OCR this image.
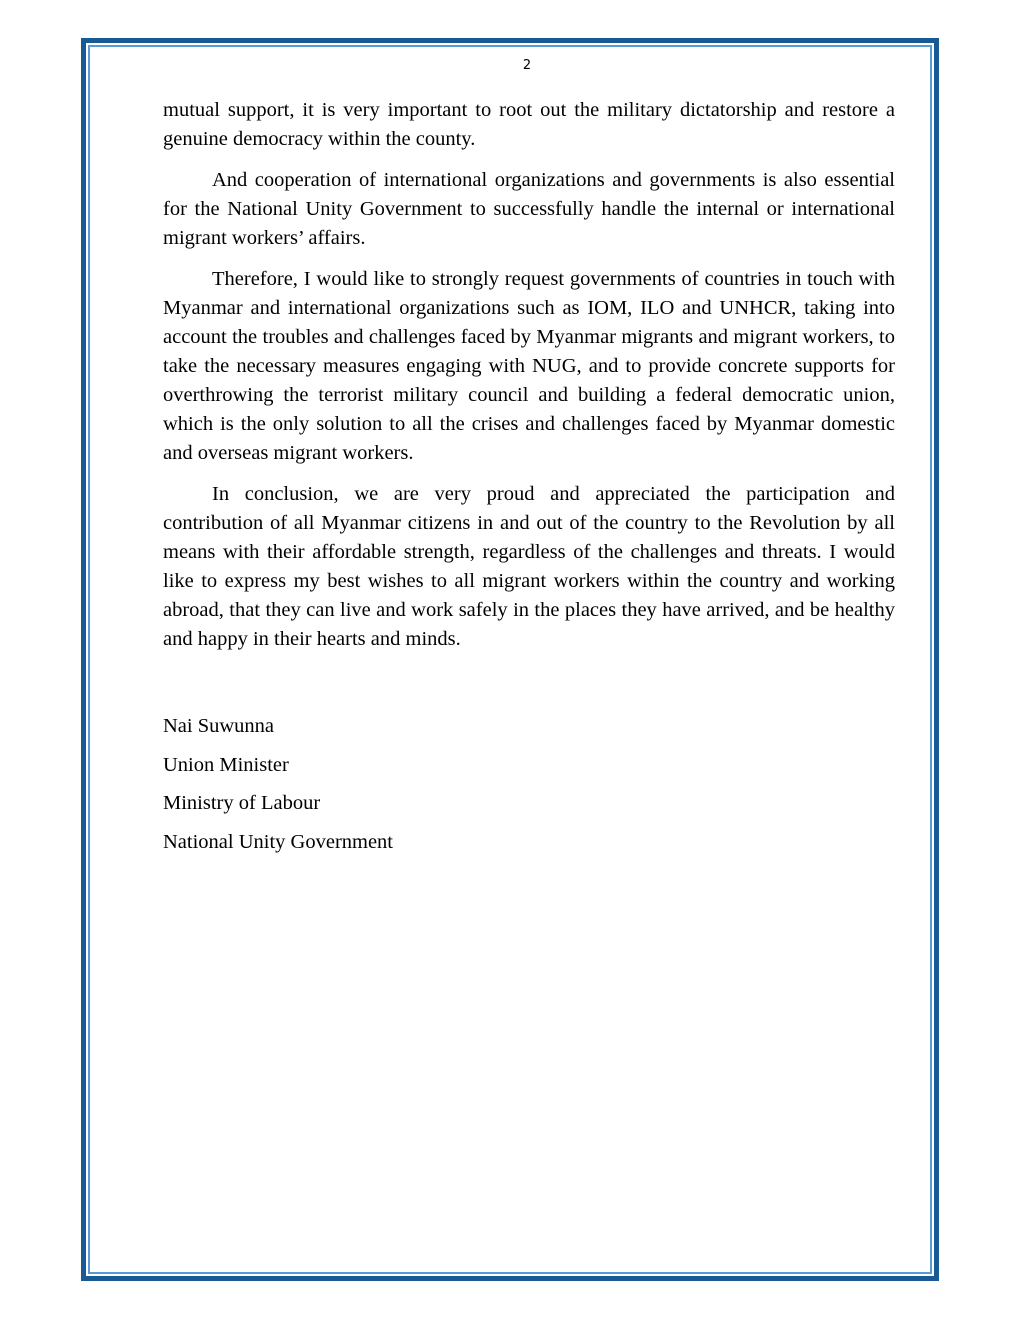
2

mutual support, it is very important to root out the military dictatorship and restore a genuine democracy within the county.

And cooperation of international organizations and governments is also essential for the National Unity Government to successfully handle the internal or international migrant workers’ affairs.

Therefore, I would like to strongly request governments of countries in touch with Myanmar and international organizations such as IOM, ILO and UNHCR, taking into account the troubles and challenges faced by Myanmar migrants and migrant workers, to take the necessary measures engaging with NUG, and to provide concrete supports for overthrowing the terrorist military council and building a federal democratic union, which is the only solution to all the crises and challenges faced by Myanmar domestic and overseas migrant workers.

In conclusion, we are very proud and appreciated the participation and contribution of all Myanmar citizens in and out of the country to the Revolution by all means with their affordable strength, regardless of the challenges and threats. I would like to express my best wishes to all migrant workers within the country and working abroad, that they can live and work safely in the places they have arrived, and be healthy and happy in their hearts and minds.

Nai Suwunna
Union Minister
Ministry of Labour
National Unity Government
